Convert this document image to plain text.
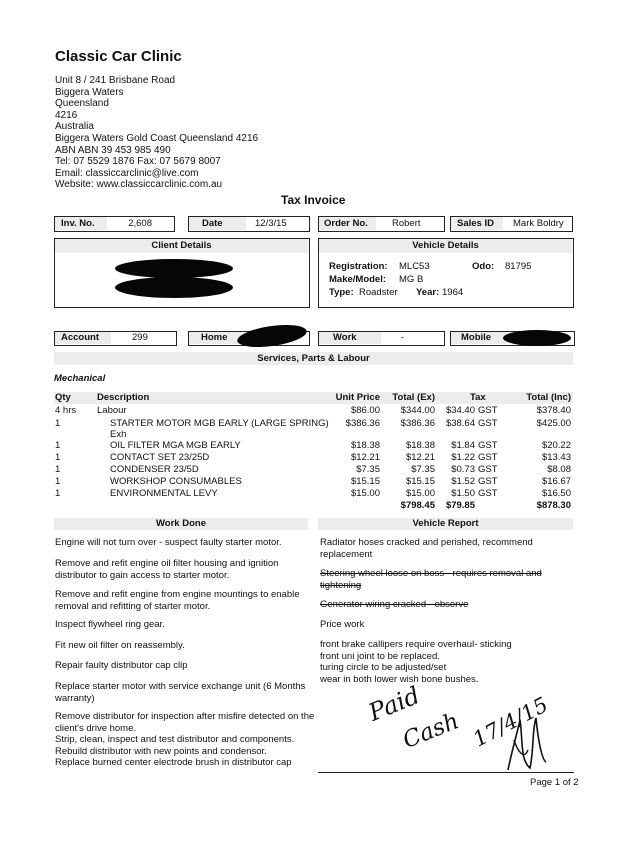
Classic Car Clinic
Unit 8 / 241 Brisbane Road
Biggera Waters
Queensland
4216
Australia
Biggera Waters Gold Coast Queensland 4216
ABN ABN 39 453 985 490
Tel: 07 5529 1876 Fax: 07 5679 8007
Email: classiccarclinic@live.com
Website: www.classiccarclinic.com.au
Tax Invoice
Inv. No.	2,608	Date	12/3/15	Order No.	Robert	Sales ID	Mark Boldry
Client Details	Vehicle Details
Registration: MLC53	Odo: 81795
Make/Model: MG B
Type: Roadster Year: 1964
Account	299	Home	Work	-	Mobile
Services, Parts & Labour
Mechanical
Qty	Description	Unit Price	Total (Ex)	Tax	Total (Inc)
4 hrs Labour	$86.00	$344.00 $34.40 GST	$378.40
1	STARTER MOTOR MGB EARLY (LARGE SPRING)
Exh
$386.36	$386.36 $38.64 GST	$425.00
1	OIL FILTER MGA MGB EARLY	$18.38	$18.38	$1.84 GST	$20.22
1	CONTACT SET 23/25D	$12.21	$12.21	$1.22 GST	$13.43
1	CONDENSER 23/5D	$7.35	$7.35	$0.73 GST	$8.08
1	WORKSHOP CONSUMABLES	$15.15	$15.15	$1.52 GST	$16.67
1	ENVIRONMENTAL LEVY	$15.00	$15.00	$1.50 GST	$16.50
$798.45 $79.85	$878.30
Work Done	Vehicle Report
Engine will not turn over - suspect faulty starter motor.
Remove and refit engine oil filter housing and ignition
distributor to gain access to starter motor.
Remove and refit engine from engine mountings to enable
removal and refitting of starter motor.
Inspect flywheel ring gear.
Fit new oil filter on reassembly.
Repair faulty distributor cap clip
Replace starter motor with service exchange unit (6 Months
warranty)
Remove distributor for inspection after misfire detected on the
client's drive home.
Strip, clean, inspect and test distributor and components.
Rebuild distributor with new points and condensor.
Replace burned center electrode brush in distributor cap
Radiator hoses cracked and perished, recommend
replacement
Steering wheel loose on boss - requires removal and
tightening
Generator wiring cracked - observe
Price work
front brake callipers require overhaul- sticking
front uni joint to be replaced.
turing circle to be adjusted/set
wear in both lower wish bone bushes.
Paid
Cash 17/4/15
Page 1 of 2
